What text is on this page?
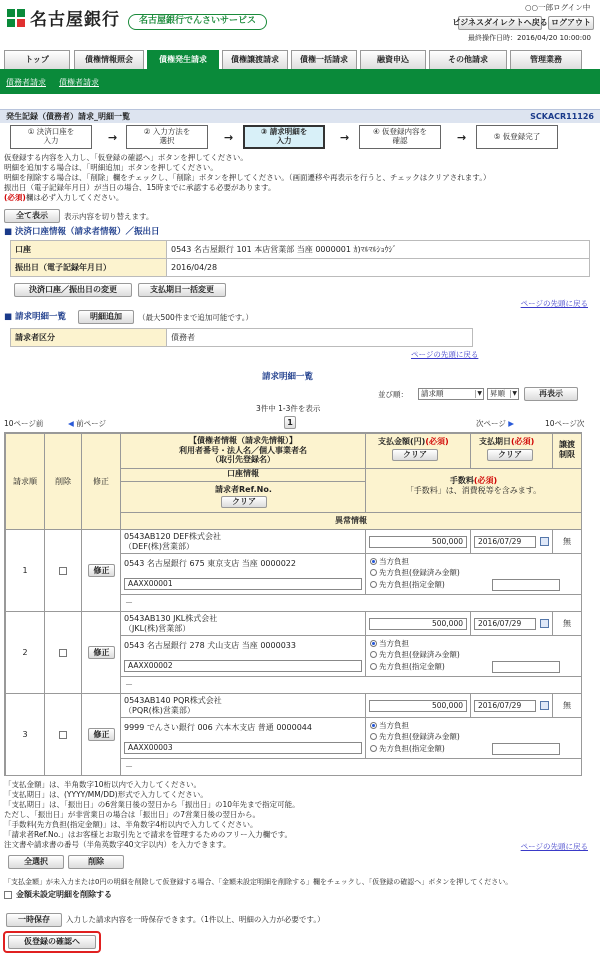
名古屋銀行	名古屋銀行でんさいサービス
○○一郎ログイン中
ビジネスダイレクトへ戻る ログアウト
最終操作日時：2016/04/20 10:00:00
トップ	債権情報照会	債権発生請求	債権譲渡請求	債権一括請求	融資申込	その他請求	管理業務
債務者請求 債権者請求
発生記録（債務者）請求_明細一覧	SCKACR11126
① 決済口座を
入力	→	② 入力方法を
選択	→	③ 請求明細を
入力	→	④ 仮登録内容を
確認	→	⑤ 仮登録完了
仮登録する内容を入力し、「仮登録の確認へ」ボタンを押してください。
明細を追加する場合は、「明細追加」ボタンを押してください。
明細を削除する場合は、「削除」欄をチェックし、「削除」ボタンを押してください。（画面遷移や再表示を行うと、チェックはクリアされます。）
振出日（電子記録年月日）が当日の場合、15時までに承認する必要があります。
(必須)欄は必ず入力してください。
全て表示	表示内容を切り替えます。
■ 決済口座情報（請求者情報）／振出日
口座	0543 名古屋銀行 101 本店営業部 当座 0000001 ｶ)ﾏﾙﾏﾙｼｮｳｼﾞ
振出日（電子記録年月日）	2016/04/28
決済口座／振出日の変更	支払期日一括変更
ページの先頭に戻る
■ 請求明細一覧	明細追加	（最大500件まで追加可能です。）
請求者区分	債務者
ページの先頭に戻る
請求明細一覧
並び順：	請求順 ▼	昇順 ▼	再表示
3件中 1-3件を表示
10ページ前	◀ 前ページ	1	次ページ ▶	10ページ次
請求順	削除	修正
【債権者情報（請求先情報）】
利用者番号・法人名／個人事業者名
（取引先登録名）
支払金額(円)(必須)
クリア
支払期日(必須)
クリア
譲渡
制限
口座情報
請求者Ref.No.
クリア
手数料(必須)
「手数料」は、消費税等を含みます。
異常情報
1	修正
0543AB120 DEF株式会社
（DEF(株)営業部）
500,000	2016/07/29	無
0543 名古屋銀行 675 東京支店 当座 0000022
AAXX00001
当方負担
先方負担(登録済み金額)
先方負担(指定金額)
－
2	修正
0543AB130 JKL株式会社
（JKL(株)営業部）
500,000	2016/07/29	無
0543 名古屋銀行 278 犬山支店 当座 0000033
AAXX00002
当方負担
先方負担(登録済み金額)
先方負担(指定金額)
－
3	修正
0543AB140 PQR株式会社
（PQR(株)営業部）
500,000	2016/07/29	無
9999 でんさい銀行 006 六本木支店 普通 0000044
AAXX00003
当方負担
先方負担(登録済み金額)
先方負担(指定金額)
－
「支払金額」は、半角数字10桁以内で入力してください。
「支払期日」は、(YYYY/MM/DD)形式で入力してください。
「支払期日」は、「振出日」の6営業日後の翌日から「振出日」の10年先まで指定可能。
ただし、「振出日」が非営業日の場合は「振出日」の7営業日後の翌日から。
「手数料(先方負担(指定金額)」は、半角数字4桁以内で入力してください。
「請求者Ref.No.」はお客様とお取引先とで請求を管理するためのフリー入力欄です。
注文書や請求書の番号（半角英数字40文字以内）を入力できます。	ページの先頭に戻る
全選択	削除
「支払金額」が未入力または0円の明細を削除して仮登録する場合、「金額未設定明細を削除する」欄をチェックし、「仮登録の確認へ」ボタンを押してください。
金額未設定明細を削除する
一時保存	入力した請求内容を一時保存できます。（1件以上、明細の入力が必要です。）
仮登録の確認へ
